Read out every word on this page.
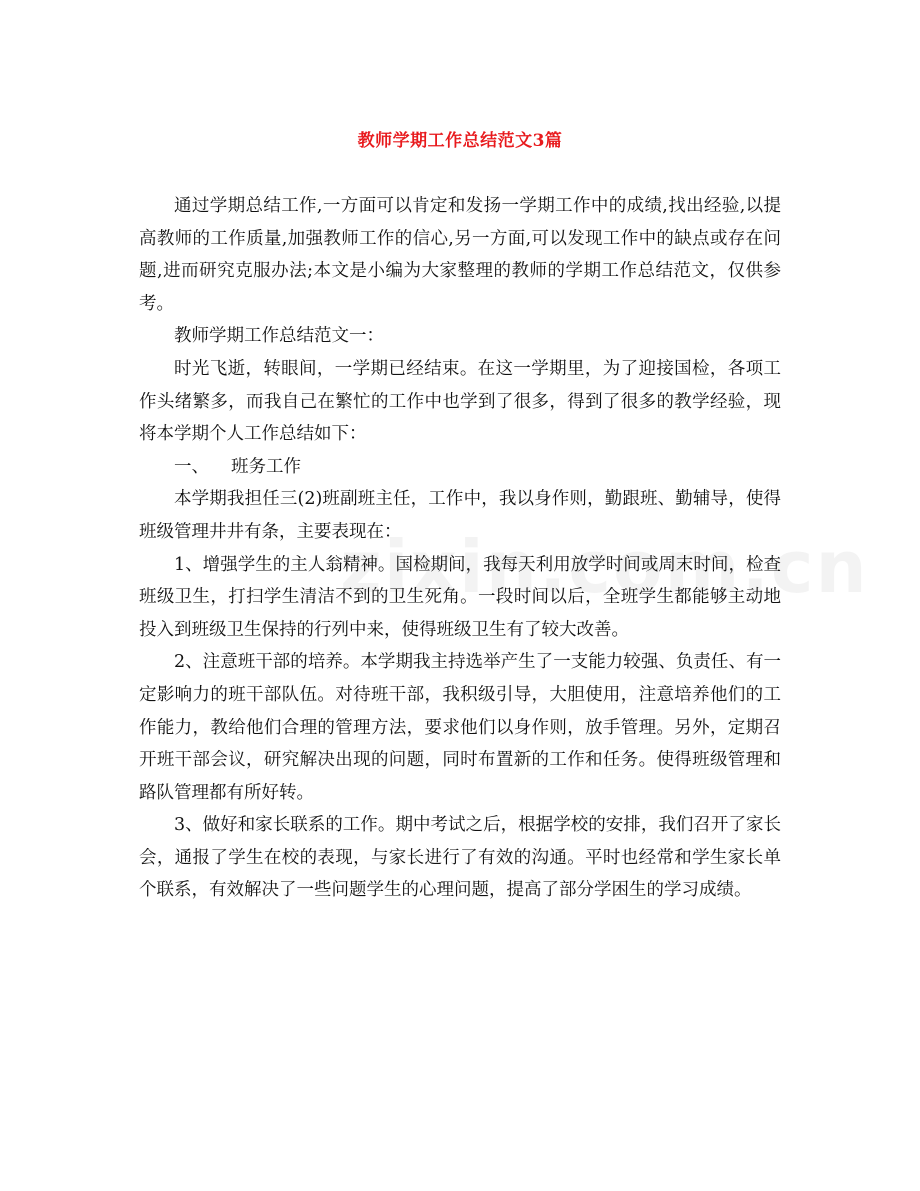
教师学期工作总结范文3篇

通过学期总结工作,一方面可以肯定和发扬一学期工作中的成绩,找出经验,以提高教师的工作质量,加强教师工作的信心,另一方面,可以发现工作中的缺点或存在问题,进而研究克服办法;本文是小编为大家整理的教师的学期工作总结范文，仅供参考。

教师学期工作总结范文一：

时光飞逝，转眼间，一学期已经结束。在这一学期里，为了迎接国检，各项工作头绪繁多，而我自己在繁忙的工作中也学到了很多，得到了很多的教学经验，现将本学期个人工作总结如下：

一、 班务工作

本学期我担任三(2)班副班主任，工作中，我以身作则，勤跟班、勤辅导，使得班级管理井井有条，主要表现在：

1、增强学生的主人翁精神。国检期间，我每天利用放学时间或周末时间，检查班级卫生，打扫学生清洁不到的卫生死角。一段时间以后，全班学生都能够主动地投入到班级卫生保持的行列中来，使得班级卫生有了较大改善。

2、注意班干部的培养。本学期我主持选举产生了一支能力较强、负责任、有一定影响力的班干部队伍。对待班干部，我积级引导，大胆使用，注意培养他们的工作能力，教给他们合理的管理方法，要求他们以身作则，放手管理。另外，定期召开班干部会议，研究解决出现的问题，同时布置新的工作和任务。使得班级管理和路队管理都有所好转。

3、做好和家长联系的工作。期中考试之后，根据学校的安排，我们召开了家长会，通报了学生在校的表现，与家长进行了有效的沟通。平时也经常和学生家长单个联系，有效解决了一些问题学生的心理问题，提高了部分学困生的学习成绩。
